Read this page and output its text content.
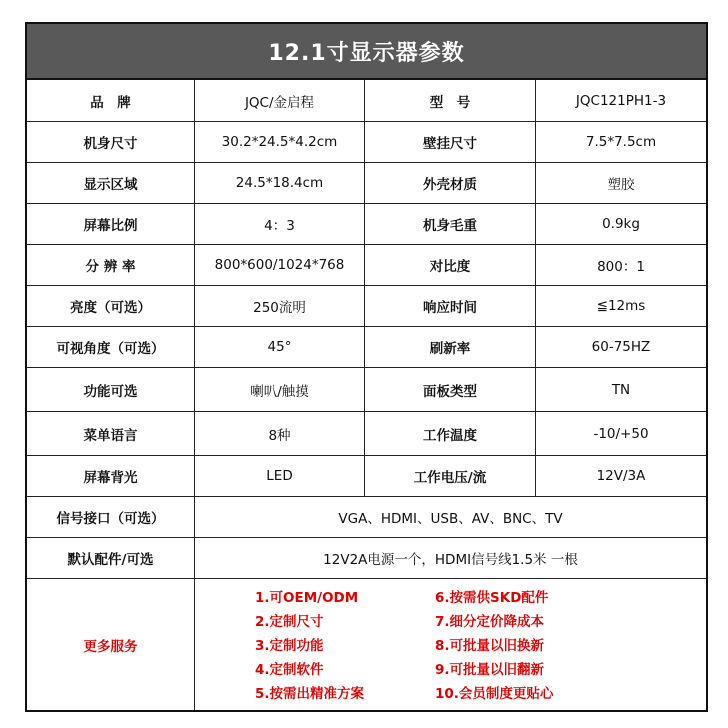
12.1寸显示器参数
品　牌	JQC/金启程	型　号	JQC121PH1-3
机身尺寸	30.2*24.5*4.2cm	壁挂尺寸	7.5*7.5cm
显示区域	24.5*18.4cm	外壳材质	塑胶
屏幕比例	4：3	机身毛重	0.9kg
分 辨 率	800*600/1024*768	对比度	800：1
亮度（可选）	250流明	响应时间	≦12ms
可视角度（可选）	45°	刷新率	60-75HZ
功能可选	喇叭/触摸	面板类型	TN
菜单语言	8种	工作温度	-10/+50
屏幕背光	LED	工作电压/流	12V/3A
信号接口（可选）	VGA、HDMI、USB、AV、BNC、TV
默认配件/可选	12V2A电源一个，HDMI信号线1.5米 一根
更多服务
1.可OEM/ODM
2.定制尺寸
3.定制功能
4.定制软件
5.按需出精准方案
6.按需供SKD配件
7.细分定价降成本
8.可批量以旧换新
9.可批量以旧翻新
10.会员制度更贴心
